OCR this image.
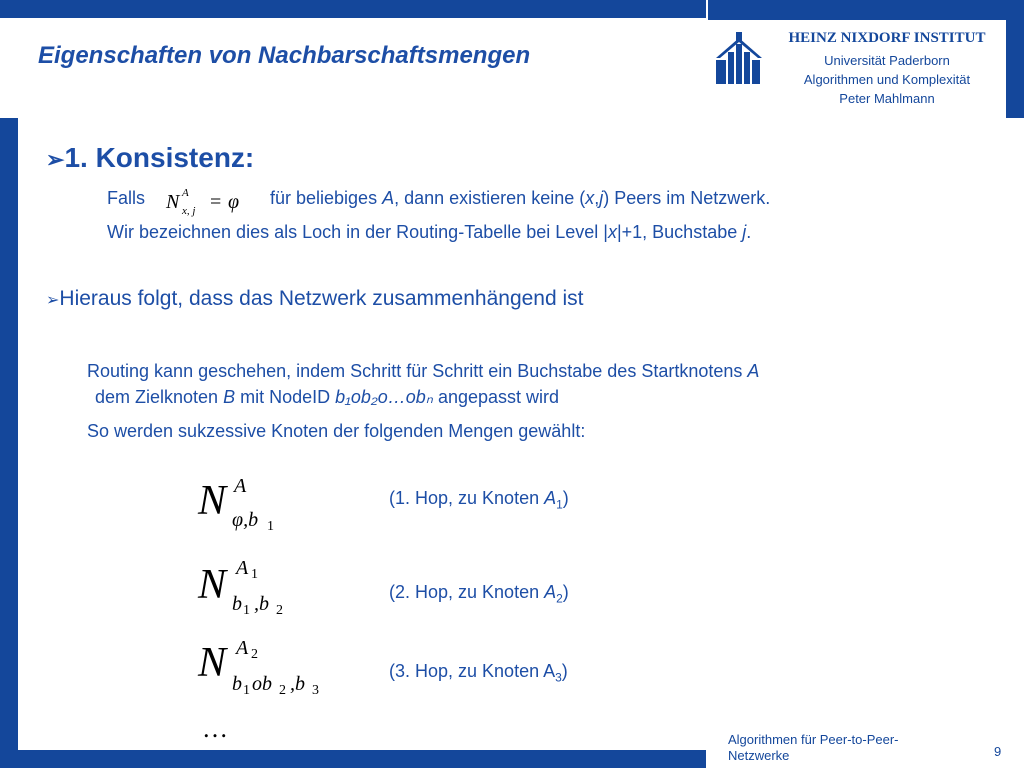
Eigenschaften von Nachbarschaftsmengen
HEINZ NIXDORF INSTITUT
Universität Paderborn
Algorithmen und Komplexität
Peter Mahlmann
➢1. Konsistenz:
Falls N A
x, j = φ für beliebiges A, dann existieren keine (x,j) Peers im Netzwerk.
Wir bezeichnen dies als Loch in der Routing-Tabelle bei Level |x|+1, Buchstabe j.
➢Hieraus folgt, dass das Netzwerk zusammenhängend ist
Routing kann geschehen, indem Schritt für Schritt ein Buchstabe des Startknotens A
dem Zielknoten B mit NodeID b₁ob₂o…obₙ angepasst wird
So werden sukzessive Knoten der folgenden Mengen gewählt:
N A
φ,b 1
(1. Hop, zu Knoten $A_1$)
N A 1
b 1 ,b 2
(2. Hop, zu Knoten $A_2$)
N A 2
b 1 ob 2 ,b 3
(3. Hop, zu Knoten $A_3$)
…	Algorithmen für Peer-to-Peer-Netzwerke	9
